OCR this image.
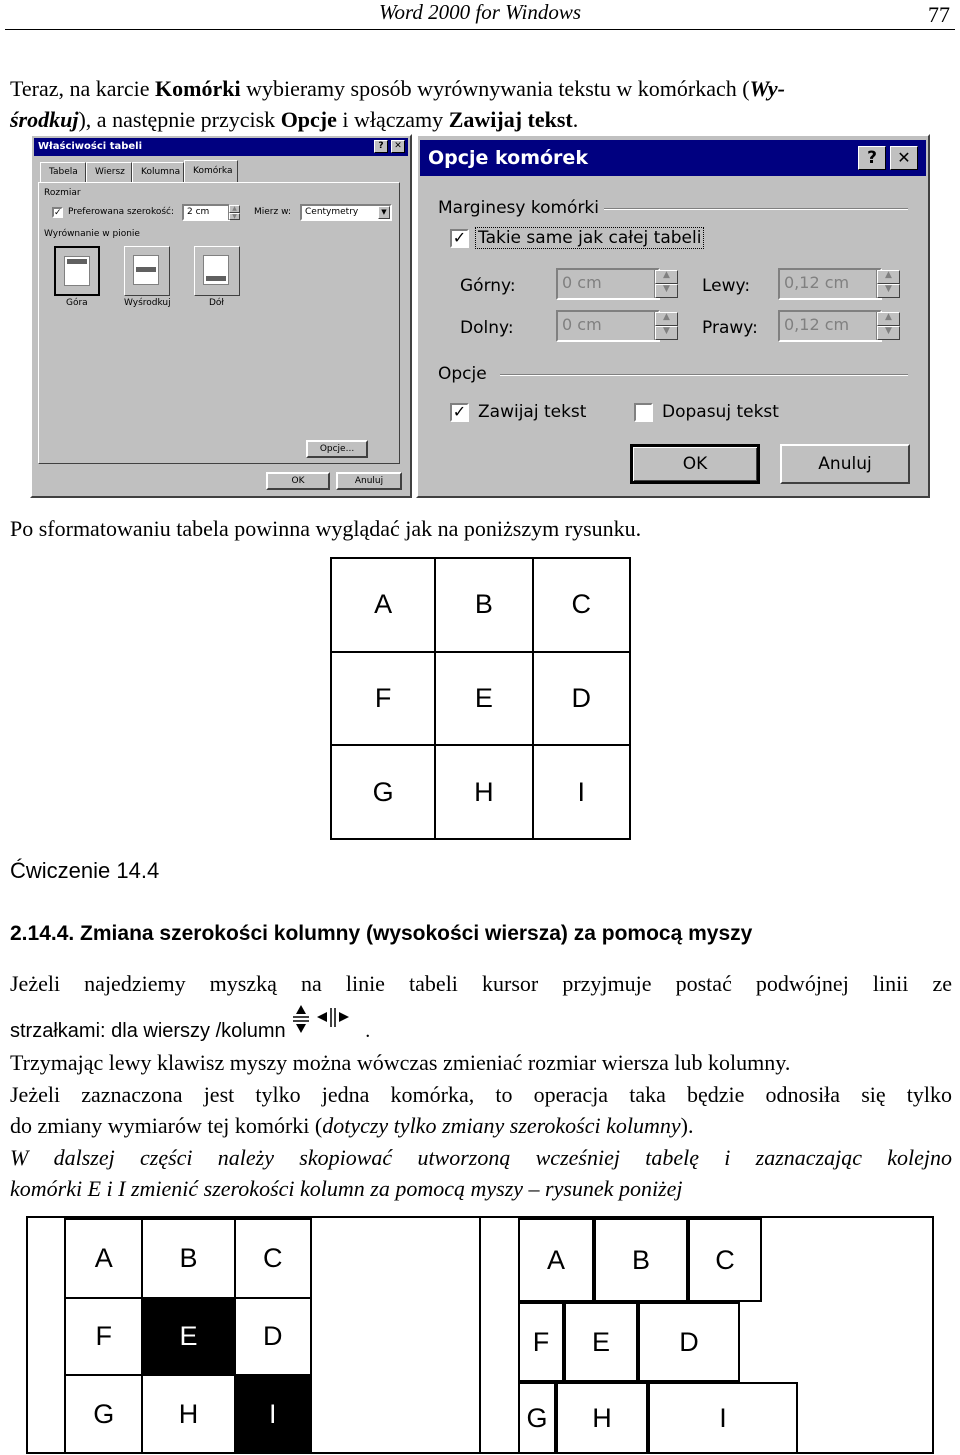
Word 2000 for Windows	77
Teraz, na karcie Komórki wybieramy sposób wyrównywania tekstu w komórkach (Wy-
środkuj), a następnie przycisk Opcje i włączamy Zawijaj tekst.
Właściwości tabeli	?	✕
Tabela	Wiersz	Kolumna	Komórka
Rozmiar
✓ Preferowana szerokość:	2 cm	▲
▼	Mierz w:	Centymetry	▼
Wyrównanie w pionie
Góra	Wyśrodkuj	Dół
Opcje...
OK	Anuluj
Opcje komórek	?	✕
Marginesy komórki
✓ Takie same jak całej tabeli
Górny:	0 cm	▲
▼
Dolny:	0 cm	▲
▼
Lewy:	0,12 cm	▲
▼
Prawy:	0,12 cm	▲
▼
Opcje
✓ Zawijaj tekst	Dopasuj tekst
OK	Anuluj
Po sformatowaniu tabela powinna wyglądać jak na poniższym rysunku.
A	B	C
F	E	D
G	H	I
Ćwiczenie 14.4
2.14.4. Zmiana szerokości kolumny (wysokości wiersza) za pomocą myszy
Jeżeli najedziemy myszką na linie tabeli kursor przyjmuje postać podwójnej linii ze
strzałkami: dla wierszy /kolumn	.
Trzymając lewy klawisz myszy można wówczas zmieniać rozmiar wiersza lub kolumny.
Jeżeli zaznaczona jest tylko jedna komórka, to operacja taka będzie odnosiła się tylko
do zmiany wymiarów tej komórki (dotyczy tylko zmiany szerokości kolumny).
W dalszej części należy skopiować utworzoną wcześniej tabelę i zaznaczając kolejno
komórki E i I zmienić szerokości kolumn za pomocą myszy – rysunek poniżej
A	B	C
F	E	D
G	H	I
A	B	C
F	E	D
G	H	I
